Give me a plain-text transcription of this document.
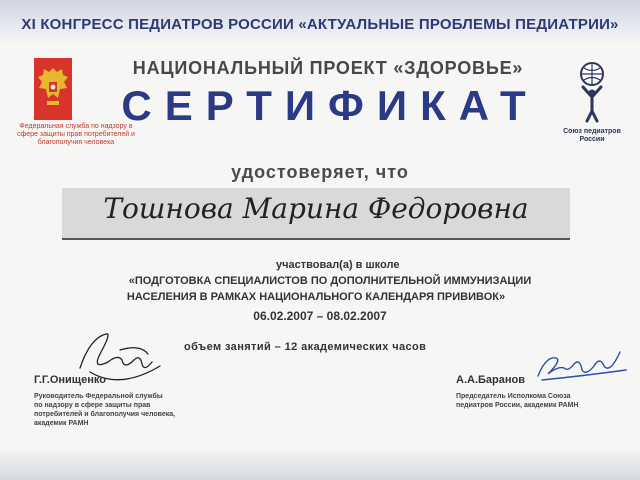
XI КОНГРЕСС ПЕДИАТРОВ РОССИИ «АКТУАЛЬНЫЕ ПРОБЛЕМЫ ПЕДИАТРИИ»
НАЦИОНАЛЬНЫЙ ПРОЕКТ «ЗДОРОВЬЕ»
СЕРТИФИКАТ
Федеральная служба по надзору в сфере защиты прав потребителей и благополучия человека
Союз педиатров России
удостоверяет, что
Тошнова Марина Федоровна
участвовал(а) в школе
«ПОДГОТОВКА СПЕЦИАЛИСТОВ ПО ДОПОЛНИТЕЛЬНОЙ ИММУНИЗАЦИИ
НАСЕЛЕНИЯ В РАМКАХ НАЦИОНАЛЬНОГО КАЛЕНДАРЯ ПРИВИВОК»
06.02.2007 – 08.02.2007
объем занятий – 12 академических часов
Г.Г.Онищенко
Руководитель Федеральной службы
по надзору в сфере защиты прав
потребителей и благополучия человека,
академик РАМН
А.А.Баранов
Председатель Исполкома Союза
педиатров России, академик РАМН
